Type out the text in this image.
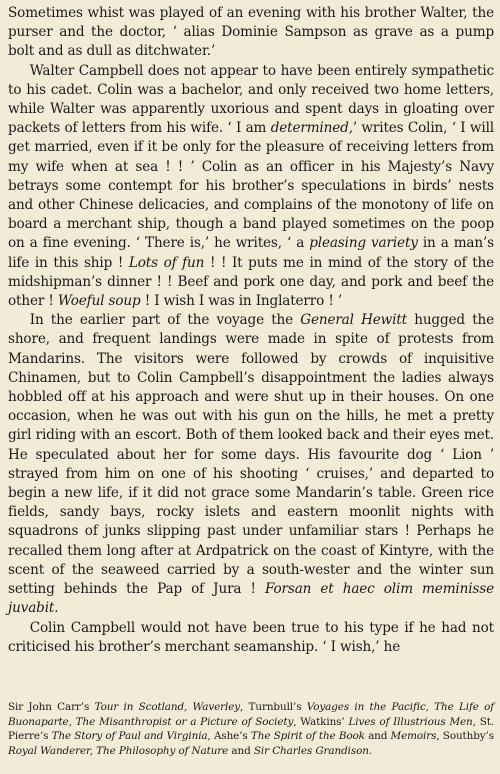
Sometimes whist was played of an evening with his brother Walter, the purser and the doctor, ‘ alias Dominie Sampson as grave as a pump bolt and as dull as ditchwater.’

Walter Campbell does not appear to have been entirely sympathetic to his cadet. Colin was a bachelor, and only received two home letters, while Walter was apparently uxorious and spent days in gloating over packets of letters from his wife. ‘ I am determined,’ writes Colin, ‘ I will get married, even if it be only for the pleasure of receiving letters from my wife when at sea ! ! ’ Colin as an officer in his Majesty’s Navy betrays some contempt for his brother’s speculations in birds’ nests and other Chinese delicacies, and complains of the monotony of life on board a merchant ship, though a band played sometimes on the poop on a fine evening. ‘ There is,’ he writes, ‘ a pleasing variety in a man’s life in this ship ! Lots of fun ! ! It puts me in mind of the story of the midshipman’s dinner ! ! Beef and pork one day, and pork and beef the other ! Woeful soup ! I wish I was in Inglaterro ! ’

In the earlier part of the voyage the General Hewitt hugged the shore, and frequent landings were made in spite of protests from Mandarins. The visitors were followed by crowds of inquisitive Chinamen, but to Colin Campbell’s disappointment the ladies always hobbled off at his approach and were shut up in their houses. On one occasion, when he was out with his gun on the hills, he met a pretty girl riding with an escort. Both of them looked back and their eyes met. He speculated about her for some days. His favourite dog ‘ Lion ’ strayed from him on one of his shooting ‘ cruises,’ and departed to begin a new life, if it did not grace some Mandarin’s table. Green rice fields, sandy bays, rocky islets and eastern moonlit nights with squadrons of junks slipping past under unfamiliar stars ! Perhaps he recalled them long after at Ardpatrick on the coast of Kintyre, with the scent of the seaweed carried by a south-wester and the winter sun setting behinds the Pap of Jura ! Forsan et haec olim meminisse juvabit.

Colin Campbell would not have been true to his type if he had not criticised his brother’s merchant seamanship. ‘ I wish,’ he

Sir John Carr’s Tour in Scotland, Waverley, Turnbull’s Voyages in the Pacific, The Life of Buonaparte, The Misanthropist or a Picture of Society, Watkins’ Lives of Illustrious Men, St. Pierre’s The Story of Paul and Virginia, Ashe’s The Spirit of the Book and Memoirs, Southby’s Royal Wanderer, The Philosophy of Nature and Sir Charles Grandison.
